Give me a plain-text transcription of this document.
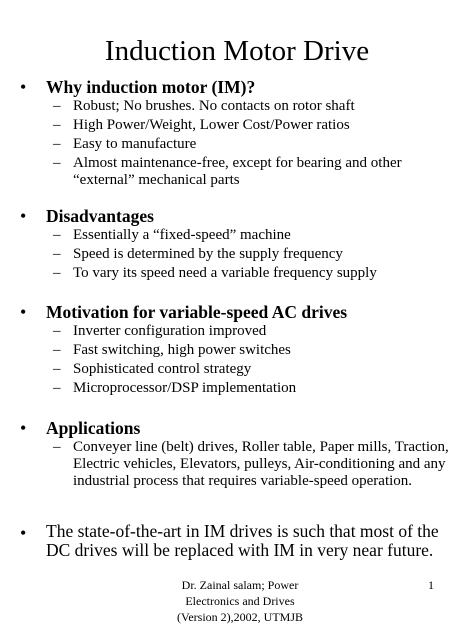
Induction Motor Drive
• Why induction motor (IM)?
– Robust; No brushes. No contacts on rotor shaft
– High Power/Weight, Lower Cost/Power ratios
– Easy to manufacture
– Almost maintenance-free, except for bearing and other “external” mechanical parts
• Disadvantages
– Essentially a “fixed-speed” machine
– Speed is determined by the supply frequency
– To vary its speed need a variable frequency supply
• Motivation for variable-speed AC drives
– Inverter configuration improved
– Fast switching, high power switches
– Sophisticated control strategy
– Microprocessor/DSP implementation
• Applications
– Conveyer line (belt) drives, Roller table, Paper mills, Traction, Electric vehicles, Elevators, pulleys, Air-conditioning and any industrial process that requires variable-speed operation.
• The state-of-the-art in IM drives is such that most of the DC drives will be replaced with IM in very near future.
Dr. Zainal salam; Power
Electronics and Drives
(Version 2),2002, UTMJB
1
